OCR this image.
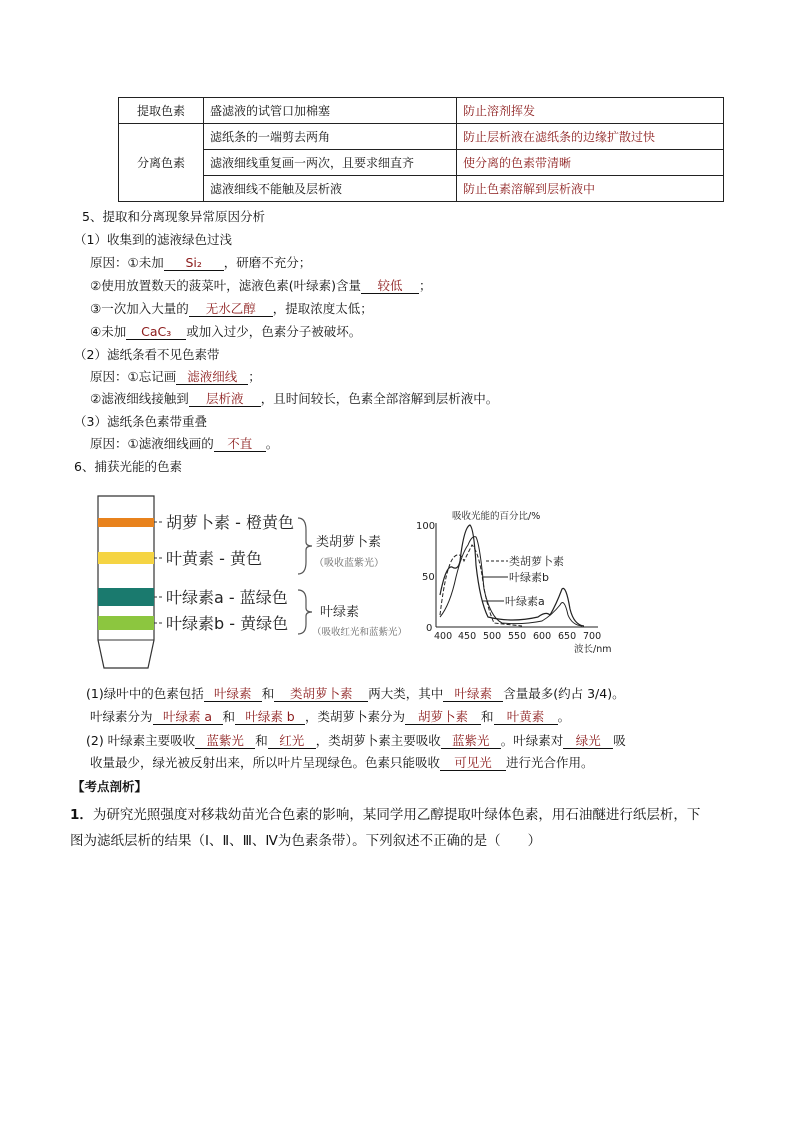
提取色素	盛滤液的试管口加棉塞	防止溶剂挥发
分离色素	滤纸条的一端剪去两角	防止层析液在滤纸条的边缘扩散过快
	滤液细线重复画一两次，且要求细直齐	使分离的色素带清晰
	滤液细线不能触及层析液	防止色素溶解到层析液中
5、提取和分离现象异常原因分析
（1）收集到的滤液绿色过浅
原因：①未加 Si₂ ，研磨不充分；
②使用放置数天的菠菜叶，滤液色素(叶绿素)含量 较低 ；
③一次加入大量的 无水乙醇 ，提取浓度太低；
④未加 CaC₃ 或加入过少，色素分子被破坏。
（2）滤纸条看不见色素带
原因：①忘记画 滤液细线 ；
②滤液细线接触到 层析液 ，且时间较长，色素全部溶解到层析液中。
（3）滤纸条色素带重叠
原因：①滤液细线画的 不直 。
6、捕获光能的色素
胡萝卜素 - 橙黄色
叶黄素 - 黄色
叶绿素a - 蓝绿色
叶绿素b - 黄绿色
类胡萝卜素
（吸收蓝紫光）
叶绿素
（吸收红光和蓝紫光）
吸收光能的百分比/%
100
50
0
400 450 500 550 600 650 700
波长/nm
类胡萝卜素
叶绿素b
叶绿素a
(1)绿叶中的色素包括 叶绿素 和 类胡萝卜素 两大类，其中 叶绿素 含量最多(约占 3/4)。
叶绿素分为 叶绿素 a 和 叶绿素 b ，类胡萝卜素分为 胡萝卜素 和 叶黄素 。
(2) 叶绿素主要吸收 蓝紫光 和 红光 ，类胡萝卜素主要吸收 蓝紫光 。叶绿素对 绿光 吸
收量最少，绿光被反射出来，所以叶片呈现绿色。色素只能吸收 可见光 进行光合作用。
【考点剖析】
1．为研究光照强度对移栽幼苗光合色素的影响，某同学用乙醇提取叶绿体色素，用石油醚进行纸层析，下
图为滤纸层析的结果（Ⅰ、Ⅱ、Ⅲ、Ⅳ为色素条带）。下列叙述不正确的是（　　）
